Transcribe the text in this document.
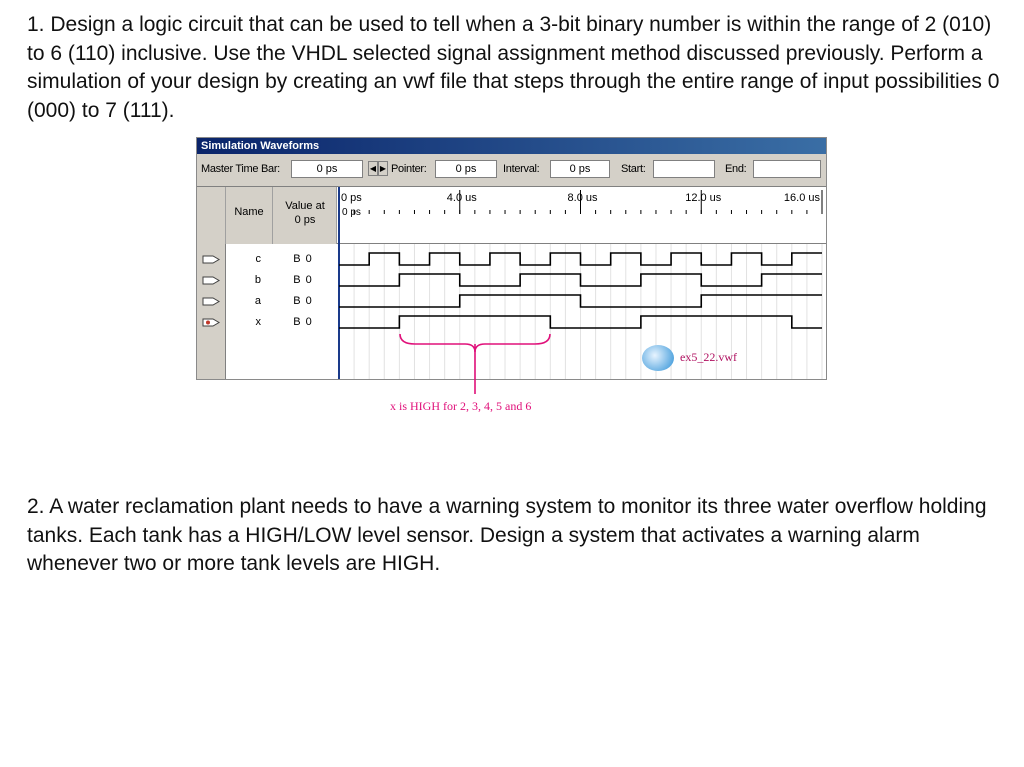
1. Design a logic circuit that can be used to tell when a 3-bit binary number is within the range of 2 (010) to 6 (110) inclusive. Use the VHDL selected signal assignment method discussed previously. Perform a simulation of your design by creating an vwf file that steps through the entire range of input possibilities 0 (000) to 7 (111).

Simulation Waveforms
Master Time Bar:	0 ps	◀ ▶ Pointer:	0 ps	Interval:	0 ps	Start:	End:
Name	Value at
0 ps
c	B 0
b	B 0
a	B 0
x	B 0
0 ps	4.0 us	8.0 us	12.0 us	16.0 us
0 ps
x is HIGH for 2, 3, 4, 5 and 6
ex5_22.vwf

2. A water reclamation plant needs to have a warning system to monitor its three water overflow holding tanks. Each tank has a HIGH/LOW level sensor. Design a system that activates a warning alarm whenever two or more tank levels are HIGH.
